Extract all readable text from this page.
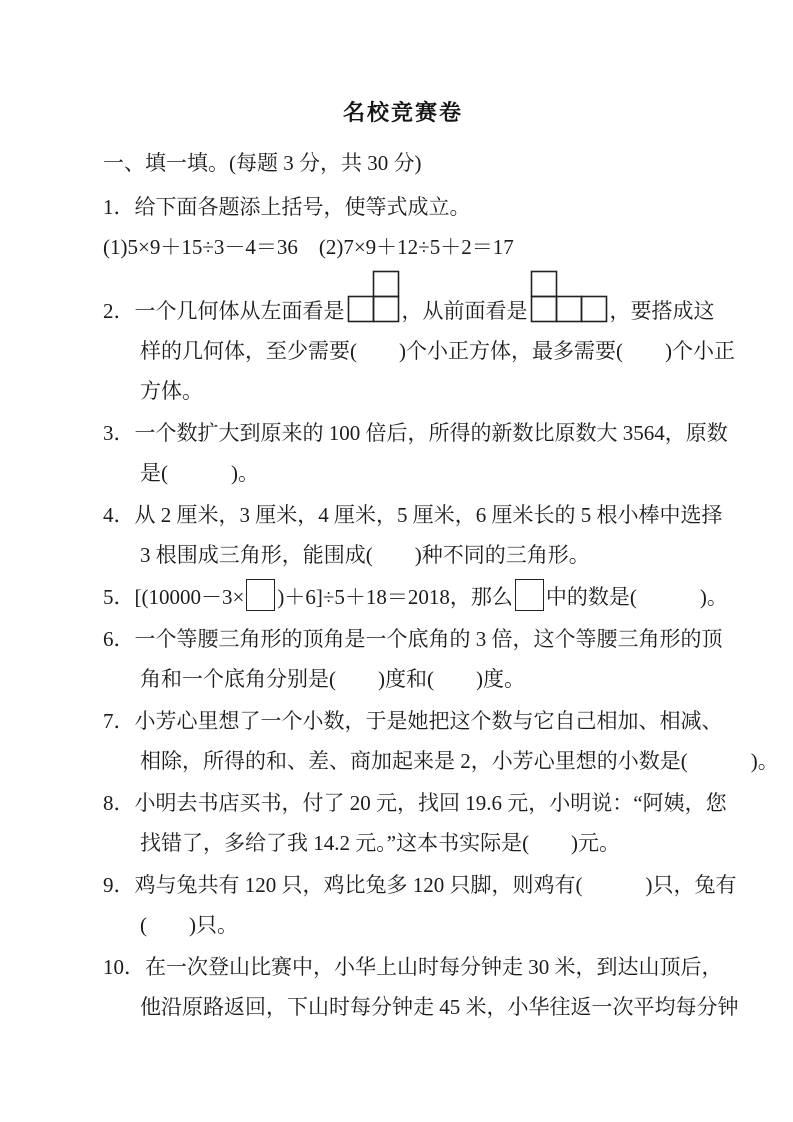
名校竞赛卷
一、填一填。(每题 3 分，共 30 分)
1．给下面各题添上括号，使等式成立。
(1)5×9＋15÷3－4＝36　(2)7×9＋12÷5＋2＝17
2．一个几何体从左面看是	，从前面看是	，要搭成这
样的几何体，至少需要(　　)个小正方体，最多需要(　　)个小正
方体。
3．一个数扩大到原来的 100 倍后，所得的新数比原数大 3564，原数
是(　　　)。
4．从 2 厘米，3 厘米，4 厘米，5 厘米，6 厘米长的 5 根小棒中选择
3 根围成三角形，能围成(　　)种不同的三角形。
5．[(10000－3× )＋6]÷5＋18＝2018，那么 中的数是(　　　)。
6．一个等腰三角形的顶角是一个底角的 3 倍，这个等腰三角形的顶
角和一个底角分别是(　　)度和(　　)度。
7．小芳心里想了一个小数，于是她把这个数与它自己相加、相减、
相除，所得的和、差、商加起来是 2，小芳心里想的小数是(　　　)。
8．小明去书店买书，付了 20 元，找回 19.6 元，小明说：“阿姨，您
找错了，多给了我 14.2 元。”这本书实际是(　　)元。
9．鸡与兔共有 120 只，鸡比兔多 120 只脚，则鸡有(　　　)只，兔有
(　　)只。
10．在一次登山比赛中，小华上山时每分钟走 30 米，到达山顶后，
他沿原路返回，下山时每分钟走 45 米，小华往返一次平均每分钟
